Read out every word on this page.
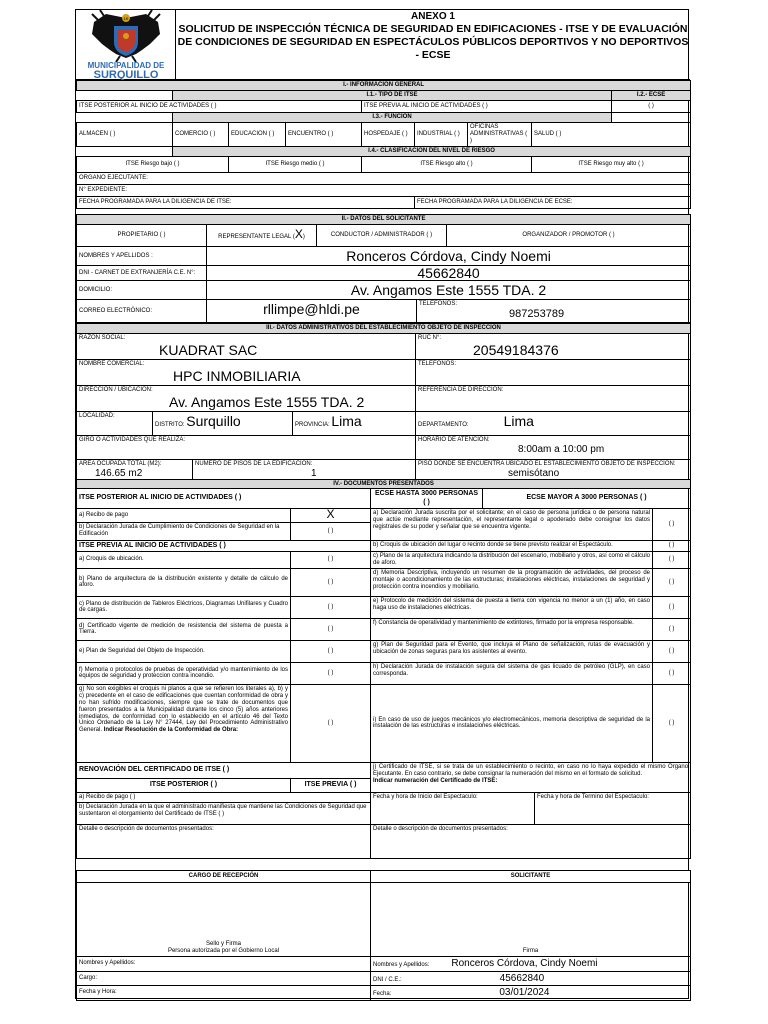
1K
MUNICIPALIDAD DE
SURQUILLO
ANEXO 1
SOLICITUD DE INSPECCIÓN TÉCNICA DE SEGURIDAD EN EDIFICACIONES - ITSE Y DE EVALUACIÓN DE CONDICIONES DE SEGURIDAD EN ESPECTÁCULOS PÚBLICOS DEPORTIVOS Y NO DEPORTIVOS - ECSE
I.- INFORMACIÓN GENERAL								
	I.1.- TIPO DE ITSE							I.2.- ECSE
ITSE POSTERIOR AL INICIO DE ACTIVIDADES ( )				ITSE PREVIA AL INICIO DE ACTIVIDADES ( )				( )
	I.3.- FUNCIÓN							
ALMACEN ( )	COMERCIO ( )	EDUCACION ( )	ENCUENTRO ( )	HOSPEDAJE ( )	INDUSTRIAL ( )	OFICINAS ADMINISTRATIVAS ( )	SALUD ( )	
	I.4.- CLASIFICACIÓN DEL NIVEL DE RIESGO							
ITSE Riesgo bajo ( )		ITSE Riesgo medio ( )		ITSE Riesgo alto ( )			ITSE Riesgo muy alto ( )	
ORGANO EJECUTANTE:								
N° EXPEDIENTE:								
FECHA PROGRAMADA PARA LA DILIGENCIA DE ITSE:					FECHA PROGRAMADA PARA LA DILIGENCIA DE ECSE:			
II.- DATOS DEL SOLICITANTE				
PROPIETARIO ( )	REPRESENTANTE LEGAL (X)	CONDUCTOR / ADMINISTRADOR ( )		ORGANIZADOR / PROMOTOR ( )
NOMBRES Y APELLIDOS :	Ronceros Córdova, Cindy Noemi			
DNI - CARNET DE EXTRANJERÍA C.E. N°:	45662840			
DOMICILIO:	Av. Angamos Este 1555 TDA. 2			
CORREO ELECTRÓNICO:	rllimpe@hldi.pe		TELEFONOS:
987253789	
III.- DATOS ADMINISTRATIVOS DEL ESTABLECIMIENTO OBJETO DE INSPECCIÓN				
RAZON SOCIAL:
KUADRAT SAC				RUC N°:
20549184376
NOMBRE COMERCIAL:
HPC INMOBILIARIA				TELEFONOS:
DIRECCIÓN / UBICACIÓN:
Av. Angamos Este 1555 TDA. 2				REFERENCIA DE DIRECCION:
LOCALIDAD:	DISTRITO: Surquillo		PROVINCIA: Lima	DEPARTAMENTO: Lima
GIRO O ACTIVIDADES QUE REALIZA:				HORARIO DE ATENCIÓN:
8:00am a 10:00 pm
AREA OCUPADA TOTAL (M2):
146.65 m2		NUMERO DE PISOS DE LA EDIFICACION:
1		PISO DONDE SE ENCUENTRA UBICADO EL ESTABLECIMIENTO OBJETO DE INSPECCIÓN:
semisótano
IV.- DOCUMENTOS PRESENTADOS					
ITSE POSTERIOR AL INICIO DE ACTIVIDADES ( )		ECSE HASTA 3000 PERSONAS ( )	ECSE MAYOR A 3000 PERSONAS ( )		
a) Recibo de pago	X	a) Declaración Jurada suscrita por el solicitante; en el caso de persona jurídica o de persona natural que actúe mediante representación, el representante legal o apoderado debe consignar los datos registrales de su poder y señalar que se encuentra vigente.			( )
b) Declaración Jurada de Cumplimiento de Condiciones de Seguridad en la Edificación	( )				
ITSE PREVIA AL INICIO DE ACTIVIDADES ( )		b) Croquis de ubicación del lugar o recinto donde se tiene previsto realizar el Espectáculo.			( )
a) Croquis de ubicación.	( )	c) Plano de la arquitectura indicando la distribución del escenario, mobiliario y otros, así como el cálculo de aforo.			( )
b) Plano de arquitectura de la distribución existente y detalle de cálculo de aforo.	( )	d) Memoria Descriptiva, incluyendo un resumen de la programación de actividades, del proceso de montaje o acondicionamiento de las estructuras; instalaciones eléctricas, instalaciones de seguridad y protección contra incendios y mobiliario.			( )
c) Plano de distribución de Tableros Eléctricos, Diagramas Unifilares y Cuadro de cargas.	( )	e) Protocolo de medición del sistema de puesta a tierra con vigencia no menor a un (1) año, en caso haga uso de instalaciones eléctricas.			( )
d) Certificado vigente de medición de resistencia del sistema de puesta a Tierra.	( )	f) Constancia de operatividad y mantenimiento de extintores, firmado por la empresa responsable.			( )
e) Plan de Seguridad del Objeto de Inspección.	( )	g) Plan de Seguridad para el Evento, que incluya el Plano de señalización, rutas de evacuación y ubicación de zonas seguras para los asistentes al evento.			( )
f) Memoria o protocolos de pruebas de operatividad y/o mantenimiento de los equipos de seguridad y proteccion contra incendio.	( )	h) Declaración Jurada de instalación segura del sistema de gas licuado de petróleo (GLP), en caso corresponda.			( )
g) No son exigibles el croquis ni planos a que se refieren los literales a), b) y c) precedente en el caso de edificaciones que cuentan conformidad de obra y no han sufrido modificaciones, siempre que se trate de documentos que fueron presentados a la Municipalidad durante los cinco (5) años anteriores inmediatos, de conformidad con lo establecido en el artículo 46 del Texto Único Ordenado de la Ley N° 27444, Ley del Procedimiento Administrativo General. Indicar Resolución de la Conformidad de Obra:	( )	i) En caso de uso de juegos mecánicos y/o electromecánicos, memoria descriptiva de seguridad de la instalación de las estructuras e instalaciones eléctricas.			( )
RENOVACIÓN DEL CERTIFICADO DE ITSE ( )		j) Certificado de ITSE, si se trata de un establecimiento o recinto, en caso no lo haya expedido el mismo Organo Ejecutante. En caso contrario, se debe consignar la numeración del mismo en el formato de solicitud.
Indicar numeración del Certificado de ITSE:			
ITSE POSTERIOR ( )	ITSE PREVIA ( )				
a) Recibo de pago ( )		Fecha y hora de Inicio del Espectaculo:		Fecha y hora de Termino del Espectaculo:	
b) Declaración Jurada en la que el administrado manifiesta que mantiene las Condiciones de Seguridad que sustentaron el otorgamiento del Certificado de ITSE ( )					
Detalle o descripción de documentos presentados:		Detalle o descripción de documentos presentados:			
CARGO DE RECEPCIÓN	SOLICITANTE
Sello y Firma
Persona autorizada por el Gobierno Local	Firma
Nombres y Apellidos:	Nombres y Apellidos: Ronceros Córdova, Cindy Noemi
Cargo:	DNI / C.E.: 45662840
Fecha y Hora:	Fecha: 03/01/2024
